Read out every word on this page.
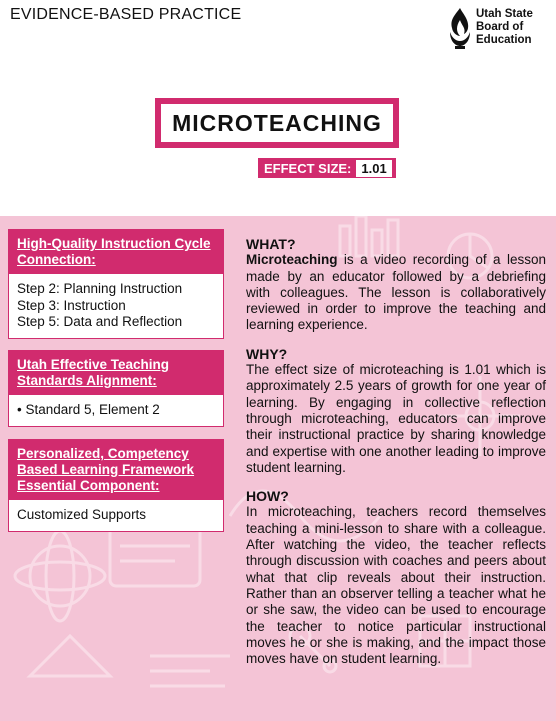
EVIDENCE-BASED PRACTICE	Utah State
Board of
Education
MICROTEACHING
EFFECT SIZE: 1.01
High-Quality Instruction Cycle Connection:
Step 2: Planning Instruction
Step 3: Instruction
Step 5: Data and Reflection
Utah Effective Teaching Standards Alignment:
• Standard 5, Element 2
Personalized, Competency Based Learning Framework Essential Component:
Customized Supports

WHAT?

Microteaching is a video recording of a lesson made by an educator followed by a debriefing with colleagues. The lesson is collaboratively reviewed in order to improve the teaching and learning experience.

WHY?

The effect size of microteaching is 1.01 which is approximately 2.5 years of growth for one year of learning. By engaging in collective reflection through microteaching, educators can improve their instructional practice by sharing knowledge and expertise with one another leading to improve student learning.

HOW?

In microteaching, teachers record themselves teaching a mini-lesson to share with a colleague. After watching the video, the teacher reflects through discussion with coaches and peers about what that clip reveals about their instruction. Rather than an observer telling a teacher what he or she saw, the video can be used to encourage the teacher to notice particular instructional moves he or she is making, and the impact those moves have on student learning.
